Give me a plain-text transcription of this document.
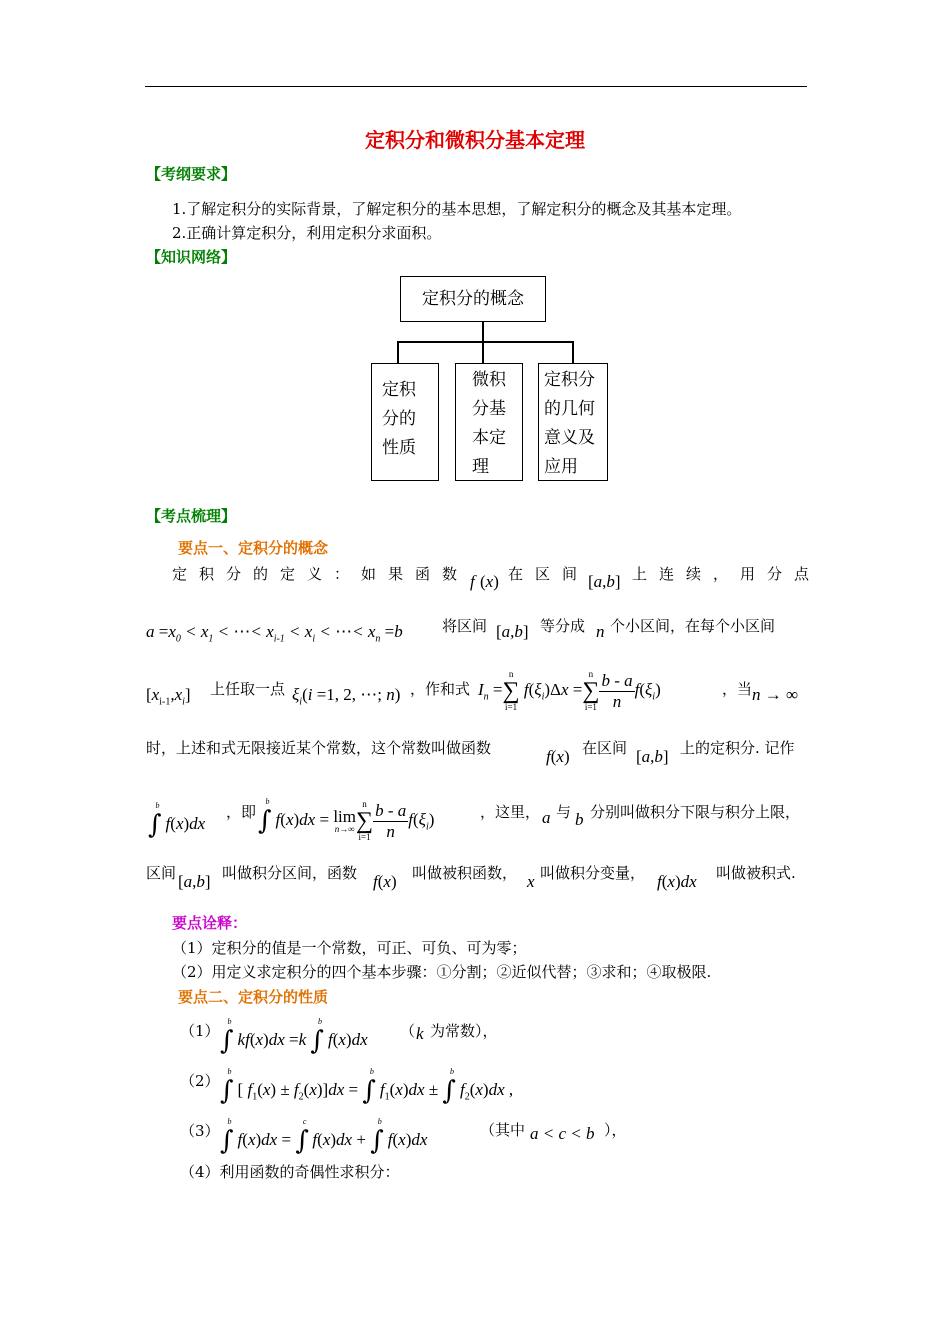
定积分和微积分基本定理
【考纲要求】
1.了解定积分的实际背景，了解定积分的基本思想，了解定积分的概念及其基本定理。
2.正确计算定积分，利用定积分求面积。
【知识网络】
定积分的概念
定积
分的
性质
微积
分基
本定
理
定积分
的几何
意义及
应用
【考点梳理】
要点一、定积分的概念
定积分的定义：如果函数 f (x) 在区间
[a,b] 上连续，用分点
$a =x_0 < x_1$ < ⋯< $x_{i-1} < x_i$ < ⋯< $x_n =b$	将区间 [a,b] 等分成 n 个小区间，在每个小区间
$[x_{i-1},x_i]$ 上任取一点 $\xi_i(i =1$, 2, ⋯; n) ，作和式 $I_n$ =
n
∑
i=1
$f(\xi_i)\Delta x$ =
n
∑
$i=1 \frac{b - a}{n} f(\xi_i)$	，当 n → ∞
时，上述和式无限接近某个常数，这个常数叫做函数	f(x) 在区间 [a,b] 上的定积分. 记作
∫$^b$f(x)dx
，即 ∫$^b$f(x)dx = lim
n→∞
n
∑
$i=1 \frac{b - a}{n} f(\xi_i)$	，这里， a 与 b 分别叫做积分下限与积分上限，
区间 [a,b] 叫做积分区间，函数 f(x) 叫做被积函数， x 叫做积分变量， f(x)dx 叫做被积式.
要点诠释：
（1）定积分的值是一个常数，可正、可负、可为零；
（2）用定义求定积分的四个基本步骤：①分割；②近似代替；③求和；④取极限.
要点二、定积分的性质
（1） ∫$^b$kf(x)dx =k ∫$^b$f(x)dx （ k 为常数），
（2） ∫$^b$[ $f_1(x) \pm f_2(x)]dx = \int^bf_1(x)dx \pm \int^bf_2(x)dx$ ,
（3） ∫$^b$f(x)dx = ∫$^c$f(x)dx + ∫$^b$f(x)dx	（其中 a < c < b ），
（4）利用函数的奇偶性求积分：
